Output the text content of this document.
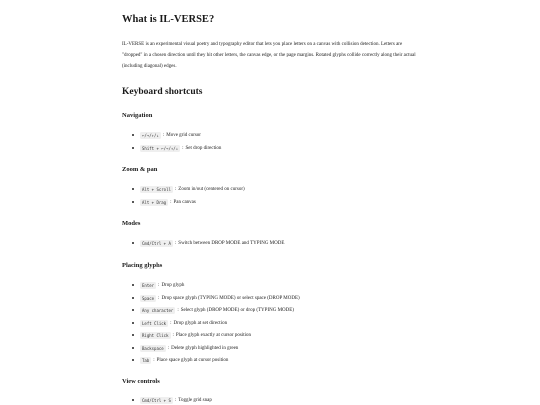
What is IL-VERSE?

IL-VERSE is an experimental visual poetry and typography editor that lets you place letters on a canvas with collision detection. Letters are "dropped" in a chosen direction until they hit other letters, the canvas edge, or the page margins. Rotated glyphs collide correctly along their actual (including diagonal) edges.

Keyboard shortcuts
Navigation
←/→/↑/↓ : Move grid cursor
Shift + ←/→/↑/↓ : Set drop direction
Zoom & pan
Alt + Scroll : Zoom in/out (centered on cursor)
Alt + Drag : Pan canvas
Modes
Cmd/Ctrl + A : Switch between DROP MODE and TYPING MODE
Placing glyphs
Enter : Drop glyph
Space : Drop space glyph (TYPING MODE) or select space (DROP MODE)
Any character : Select glyph (DROP MODE) or drop (TYPING MODE)
Left Click : Drop glyph at set direction
Right Click : Place glyph exactly at cursor position
Backspace : Delete glyph highlighted in green
Tab : Place space glyph at cursor position
View controls
Cmd/Ctrl + S : Toggle grid snap
